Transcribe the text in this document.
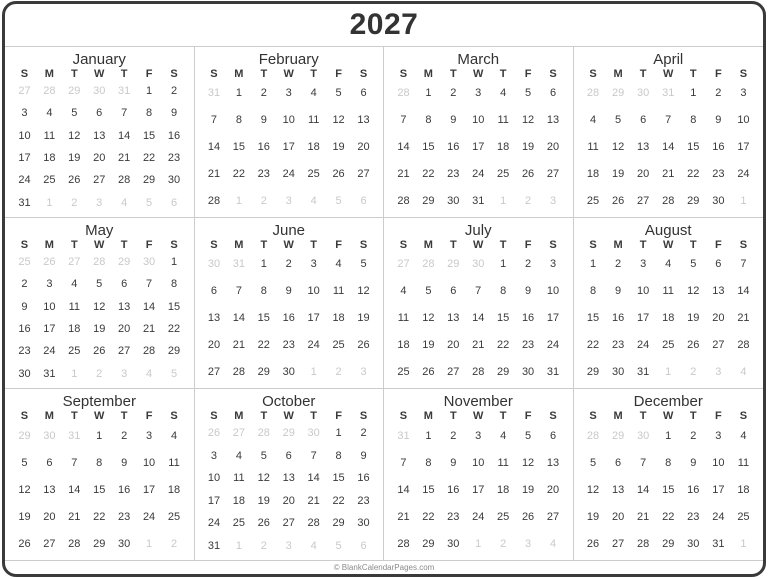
2027
January
S	M	T	W	T	F	S
27	28	29	30	31	1	2
3	4	5	6	7	8	9
10	11	12	13	14	15	16
17	18	19	20	21	22	23
24	25	26	27	28	29	30
31	1	2	3	4	5	6
February
S	M	T	W	T	F	S
31	1	2	3	4	5	6
7	8	9	10	11	12	13
14	15	16	17	18	19	20
21	22	23	24	25	26	27
28	1	2	3	4	5	6
March
S	M	T	W	T	F	S
28	1	2	3	4	5	6
7	8	9	10	11	12	13
14	15	16	17	18	19	20
21	22	23	24	25	26	27
28	29	30	31	1	2	3
April
S	M	T	W	T	F	S
28	29	30	31	1	2	3
4	5	6	7	8	9	10
11	12	13	14	15	16	17
18	19	20	21	22	23	24
25	26	27	28	29	30	1
May
S	M	T	W	T	F	S
25	26	27	28	29	30	1
2	3	4	5	6	7	8
9	10	11	12	13	14	15
16	17	18	19	20	21	22
23	24	25	26	27	28	29
30	31	1	2	3	4	5
June
S	M	T	W	T	F	S
30	31	1	2	3	4	5
6	7	8	9	10	11	12
13	14	15	16	17	18	19
20	21	22	23	24	25	26
27	28	29	30	1	2	3
July
S	M	T	W	T	F	S
27	28	29	30	1	2	3
4	5	6	7	8	9	10
11	12	13	14	15	16	17
18	19	20	21	22	23	24
25	26	27	28	29	30	31
August
S	M	T	W	T	F	S
1	2	3	4	5	6	7
8	9	10	11	12	13	14
15	16	17	18	19	20	21
22	23	24	25	26	27	28
29	30	31	1	2	3	4
September
S	M	T	W	T	F	S
29	30	31	1	2	3	4
5	6	7	8	9	10	11
12	13	14	15	16	17	18
19	20	21	22	23	24	25
26	27	28	29	30	1	2
October
S	M	T	W	T	F	S
26	27	28	29	30	1	2
3	4	5	6	7	8	9
10	11	12	13	14	15	16
17	18	19	20	21	22	23
24	25	26	27	28	29	30
31	1	2	3	4	5	6
November
S	M	T	W	T	F	S
31	1	2	3	4	5	6
7	8	9	10	11	12	13
14	15	16	17	18	19	20
21	22	23	24	25	26	27
28	29	30	1	2	3	4
December
S	M	T	W	T	F	S
28	29	30	1	2	3	4
5	6	7	8	9	10	11
12	13	14	15	16	17	18
19	20	21	22	23	24	25
26	27	28	29	30	31	1
© BlankCalendarPages.com
